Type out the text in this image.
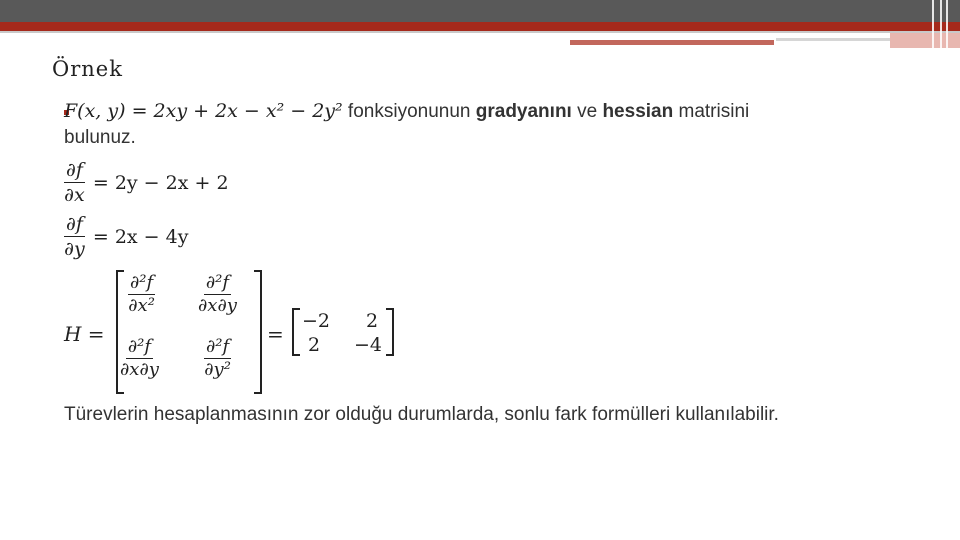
Örnek
F(x, y) = 2xy + 2x − x² − 2y² fonksiyonunun gradyanını ve hessian matrisini
bulunuz.
$\frac{\partial f}{\partial x} = 2y - 2x + 2$
$\frac{\partial f}{\partial y} = 2x - 4y$
H =
$\frac{\text{∂²f}}{\text{∂x²}} \frac{\text{∂²f}}{\partial x\partial y}$
$\frac{\text{∂²f}}{\partial x\partial y}$	$\frac{\text{∂²f}}{\text{∂y²}}$
=
−2 2
2 −4
Türevlerin hesaplanmasının zor olduğu durumlarda, sonlu fark formülleri kullanılabilir.
